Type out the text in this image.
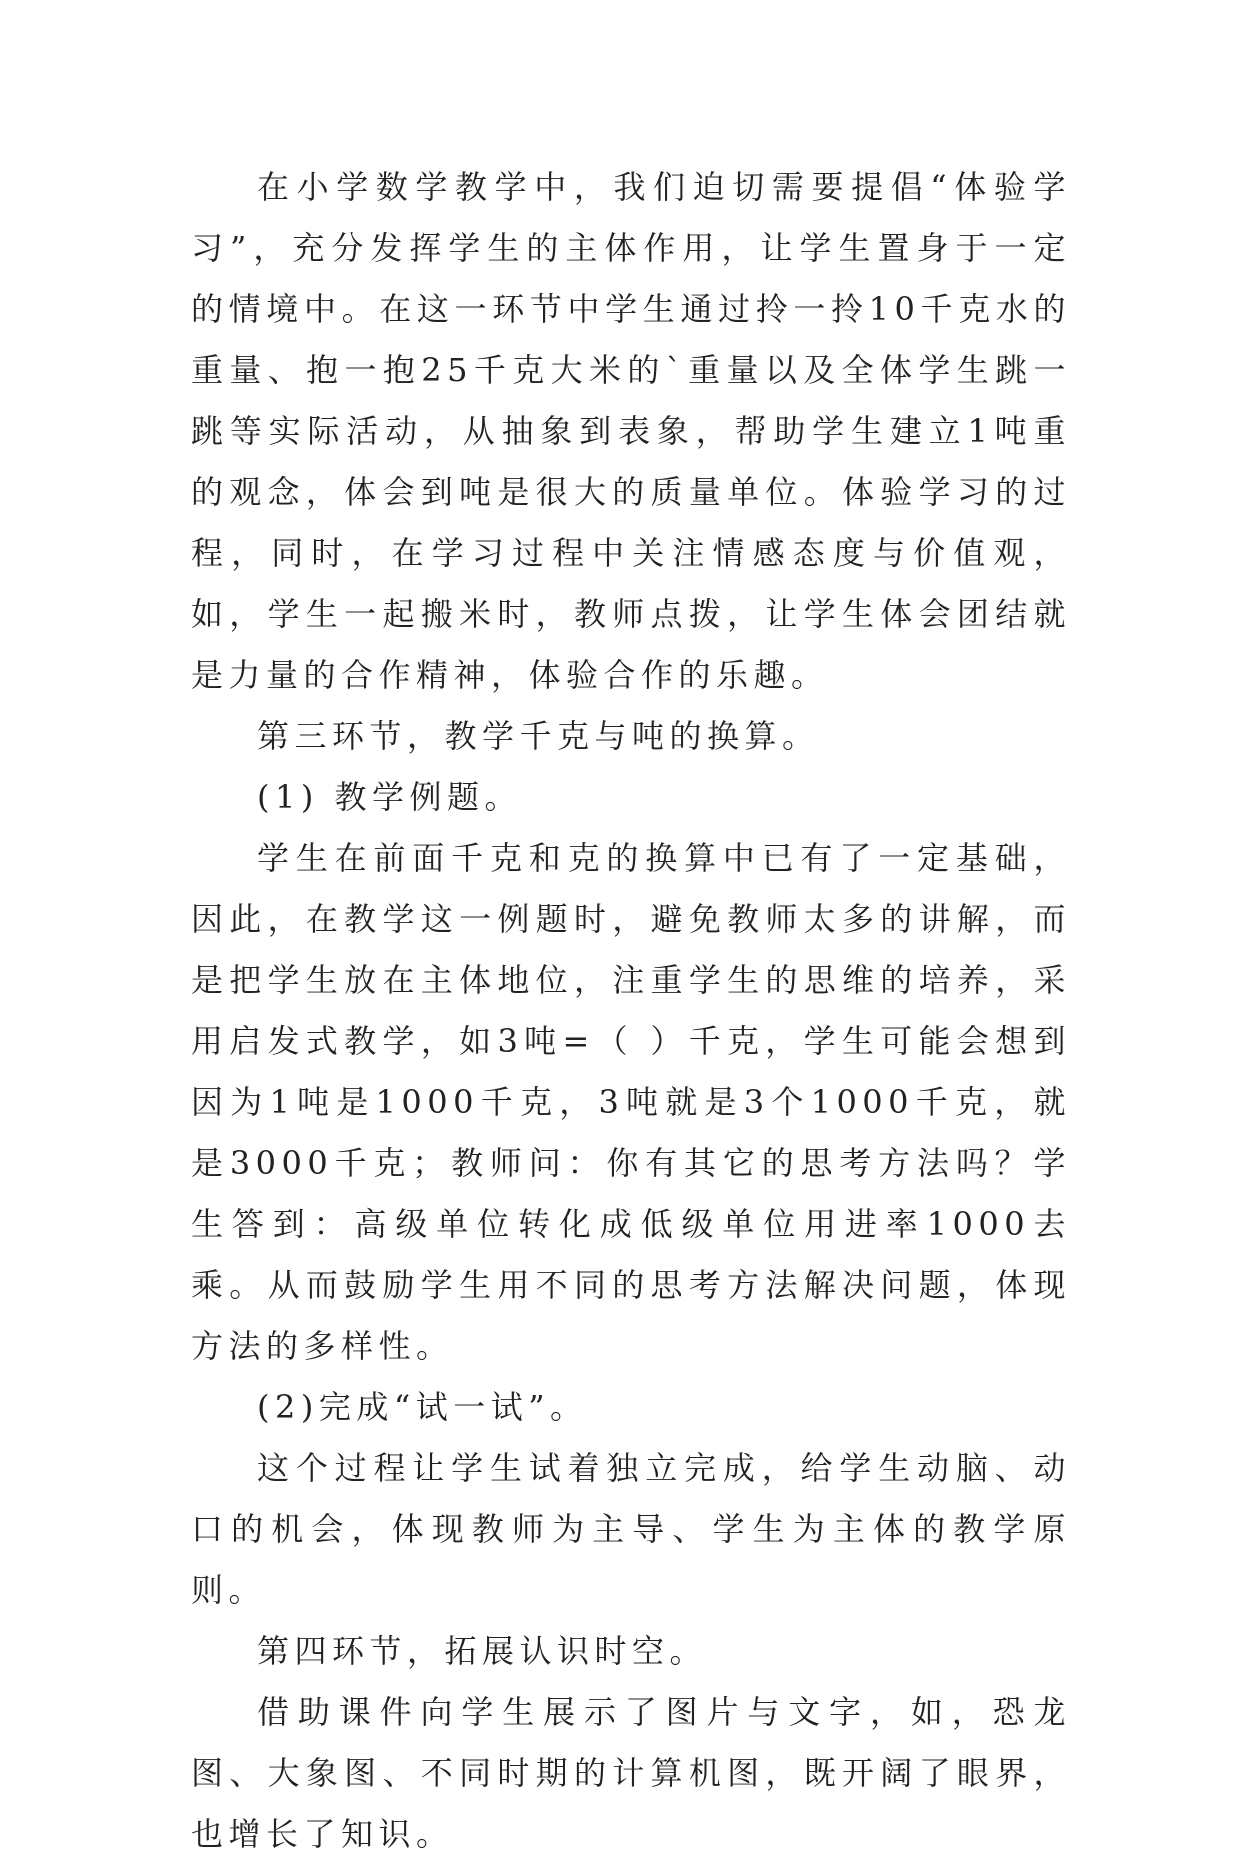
在小学数学教学中，我们迫切需要提倡“体验学习”，充分发挥学生的主体作用，让学生置身于一定的情境中。在这一环节中学生通过拎一拎10千克水的重量、抱一抱25千克大米的`重量以及全体学生跳一跳等实际活动，从抽象到表象，帮助学生建立1吨重的观念，体会到吨是很大的质量单位。体验学习的过程，同时，在学习过程中关注情感态度与价值观，如，学生一起搬米时，教师点拨，让学生体会团结就是力量的合作精神，体验合作的乐趣。

第三环节，教学千克与吨的换算。

(1) 教学例题。

学生在前面千克和克的换算中已有了一定基础，因此，在教学这一例题时，避免教师太多的讲解，而是把学生放在主体地位，注重学生的思维的培养，采用启发式教学，如3吨=（ ）千克，学生可能会想到因为1吨是1000千克，3吨就是3个1000千克，就是3000千克；教师问：你有其它的思考方法吗？学生答到：高级单位转化成低级单位用进率1000去乘。从而鼓励学生用不同的思考方法解决问题，体现方法的多样性。

(2)完成“试一试”。

这个过程让学生试着独立完成，给学生动脑、动口的机会，体现教师为主导、学生为主体的教学原则。

第四环节，拓展认识时空。

借助课件向学生展示了图片与文字，如，恐龙图、大象图、不同时期的计算机图，既开阔了眼界，也增长了知识。
